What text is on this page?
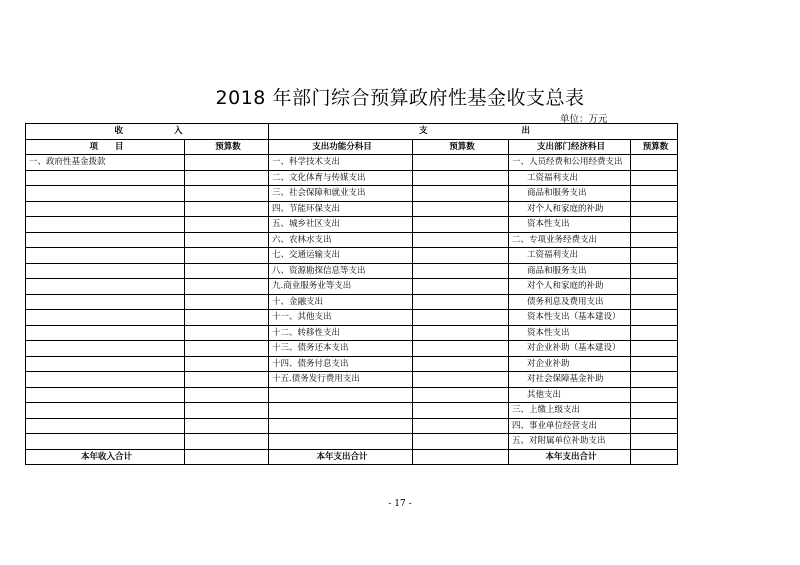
2018 年部门综合预算政府性基金收支总表
单位：万元
收 入		支 出			

项　　目	预算数	支出功能分科目	预算数	支出部门经济科目	预算数
一、政府性基金拨款		一、科学技术支出		一、人员经费和公用经费支出	
		二、文化体育与传媒支出		工资福利支出	
		三、社会保障和就业支出		商品和服务支出	
		四、节能环保支出		对个人和家庭的补助	
		五、城乡社区支出		资本性支出	
		六、农林水支出		二、专项业务经费支出	
		七、交通运输支出		工资福利支出	
		八、资源勘探信息等支出		商品和服务支出	
		九.商业服务业等支出		对个人和家庭的补助	
		十、金融支出		债务利息及费用支出	
		十一、其他支出		资本性支出（基本建设）	
		十二、转移性支出		资本性支出	
		十三、债务还本支出		对企业补助（基本建设）	
		十四、债务付息支出		对企业补助	
		十五.债务发行费用支出		对社会保障基金补助	
				其他支出	
				三、上缴上级支出	
				四、事业单位经营支出	
				五、对附属单位补助支出	
本年收入合计		本年支出合计		本年支出合计	
- 17 -
